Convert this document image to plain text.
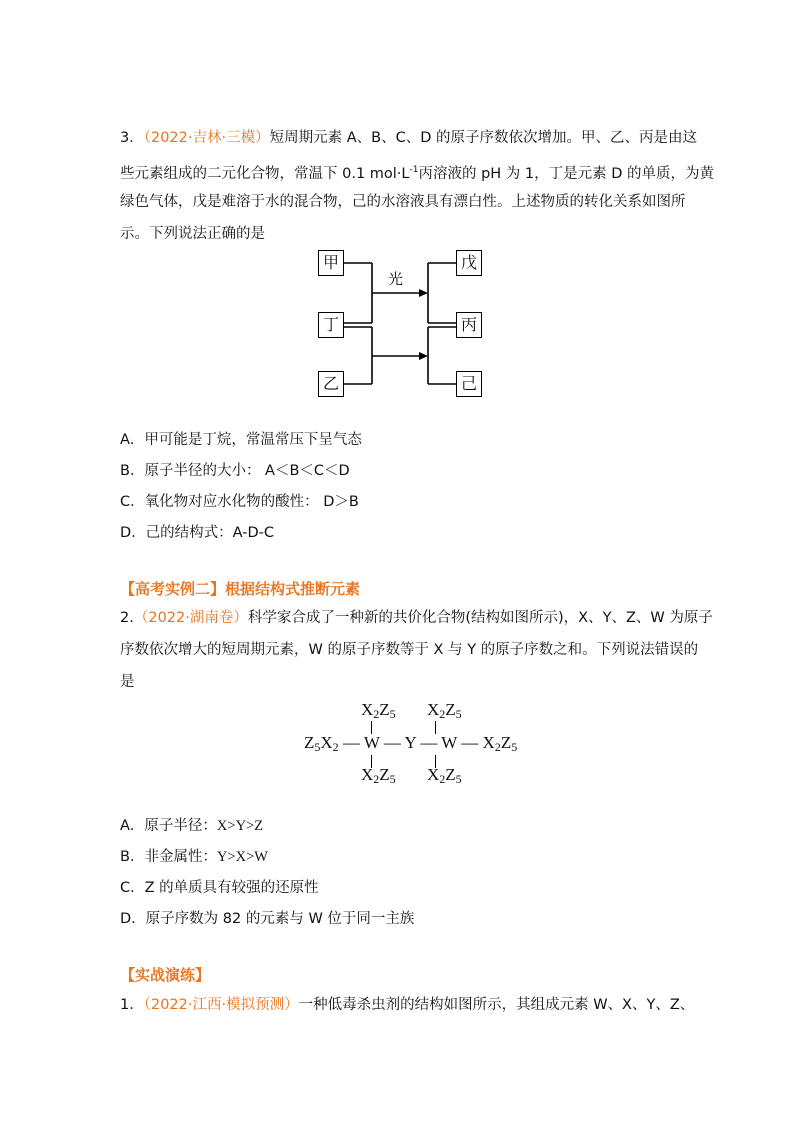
3．（2022·吉林·三模）短周期元素 A、B、C、D 的原子序数依次增加。甲、乙、丙是由这
些元素组成的二元化合物，常温下 0.1 $mol\cdot L^{-1}$丙溶液的 pH 为 1，丁是元素 D 的单质，为黄
绿色气体，戊是难溶于水的混合物，己的水溶液具有漂白性。上述物质的转化关系如图所
示。下列说法正确的是
光
甲
丁
乙
戊
丙
己
A．甲可能是丁烷，常温常压下呈气态
B．原子半径的大小： A＜B＜C＜D
C．氧化物对应水化物的酸性： D＞B
D．己的结构式：A-D-C
【高考实例二】根据结构式推断元素
2.（2022·湖南卷）科学家合成了一种新的共价化合物(结构如图所示)，X、Y、Z、W 为原子
序数依次增大的短周期元素，W 的原子序数等于 X 与 Y 的原子序数之和。下列说法错误的
是
$X_2Z_5$ $X_2Z_5$
$Z_5X_2$ — W — Y — W — $X_2Z_5$
$X_2Z_5$ $X_2Z_5$
A．原子半径：X>Y>Z
B．非金属性：Y>X>W
C．Z 的单质具有较强的还原性
D．原子序数为 82 的元素与 W 位于同一主族
【实战演练】
1．（2022·江西·模拟预测）一种低毒杀虫剂的结构如图所示，其组成元素 W、X、Y、Z、
